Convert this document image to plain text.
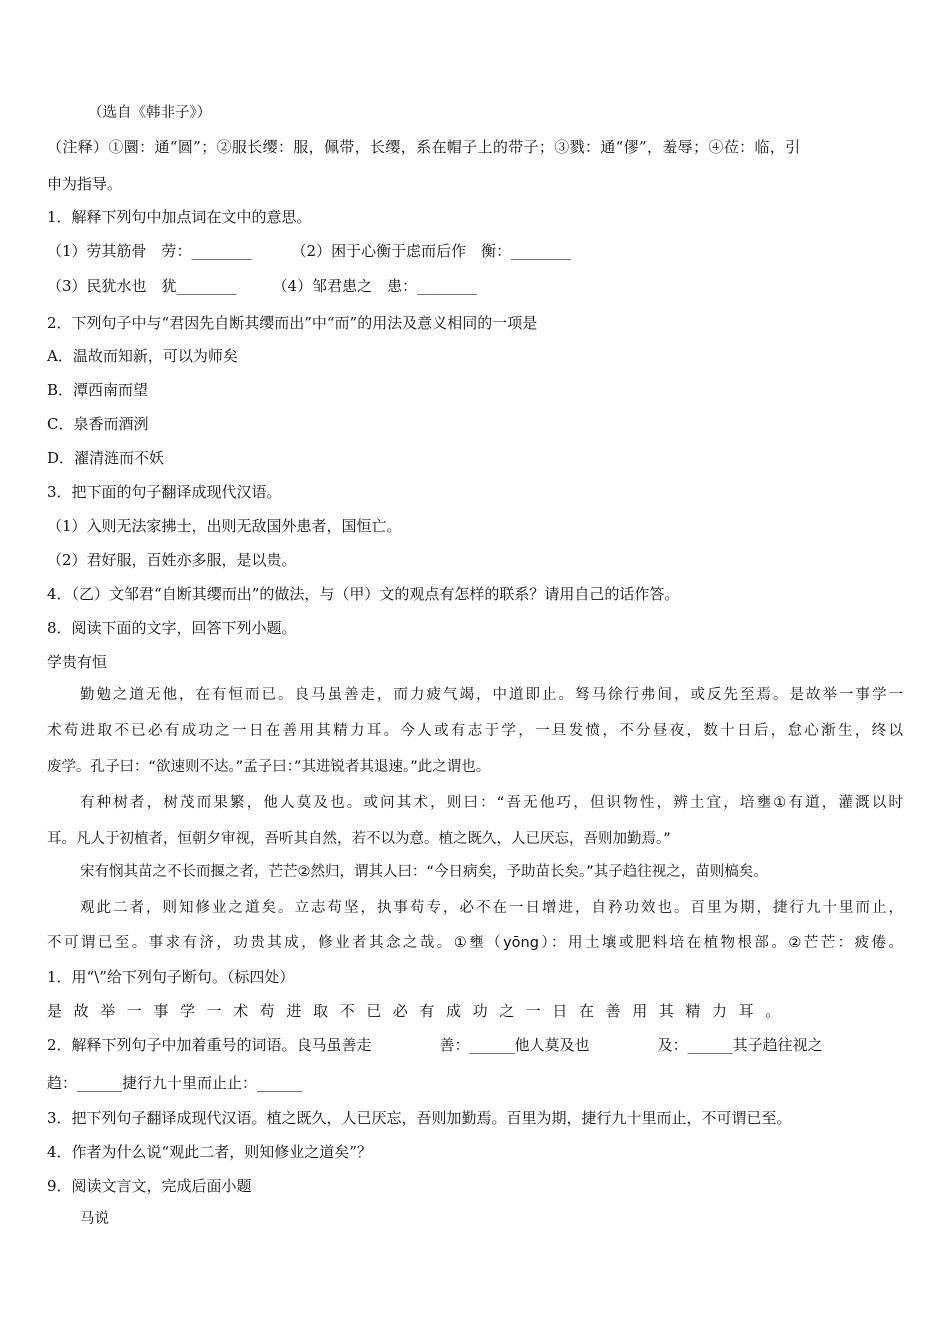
（选自《韩非子》）
（注释）①圜：通“圆”；②服长缨：服，佩带，长缨，系在帽子上的带子；③戮：通“僇”，羞辱；④莅：临，引
申为指导。
1．解释下列句中加点词在文中的意思。
（1）劳其筋骨　劳：________	（2）困于心衡于虑而后作　衡：________
（3）民犹水也　犹________ （4）邹君患之　患：________
2．下列句子中与“君因先自断其缨而出”中“而”的用法及意义相同的一项是
A．温故而知新，可以为师矣
B．潭西南而望
C．泉香而酒洌
D．濯清涟而不妖
3．把下面的句子翻译成现代汉语。
（1）入则无法家拂士，出则无敌国外患者，国恒亡。
（2）君好服，百姓亦多服，是以贵。
4．（乙）文邹君“自断其缨而出”的做法，与（甲）文的观点有怎样的联系？请用自己的话作答。
8．阅读下面的文字，回答下列小题。
学贵有恒
勤勉之道无他，在有恒而已。良马虽善走，而力疲气竭，中道即止。驽马徐行弗间，或反先至焉。是故举一事学一
术苟进取不已必有成功之一日在善用其精力耳。今人或有志于学，一旦发愤，不分昼夜，数十日后，怠心渐生，终以
废学。孔子曰：“欲速则不达。”孟子曰：”其进锐者其退速。”此之谓也。
有种树者，树茂而果繁，他人莫及也。或问其术，则曰：“吾无他巧，但识物性，辨土宜，培壅①有道，灌溉以时
耳。凡人于初植者，恒朝夕审视，吾听其自然，若不以为意。植之既久，人已厌忘，吾则加勤焉。”
宋有悯其苗之不长而揠之者，芒芒②然归，谓其人曰：“今日病矣，予助苗长矣。”其子趋往视之，苗则槁矣。
观此二者，则知修业之道矣。立志苟坚，执事苟专，必不在一日增进，自矜功效也。百里为期，捷行九十里而止，
不可谓已至。事求有济，功贵其成，修业者其念之哉。①壅（yōng）：用土壤或肥料培在植物根部。②芒芒：疲倦。
1．用“\”给下列句子断句。（标四处）
是故举一事学一术苟进取不已必有成功之一日在善用其精力耳。
2．解释下列句子中加着重号的词语。良马虽善走	善：______他人莫及也	及：______其子趋往视之
趋：______捷行九十里而止止：______
3．把下列句子翻译成现代汉语。植之既久，人已厌忘，吾则加勤焉。百里为期，捷行九十里而止，不可谓已至。
4．作者为什么说“观此二者，则知修业之道矣”？
9．阅读文言文，完成后面小题
马说
